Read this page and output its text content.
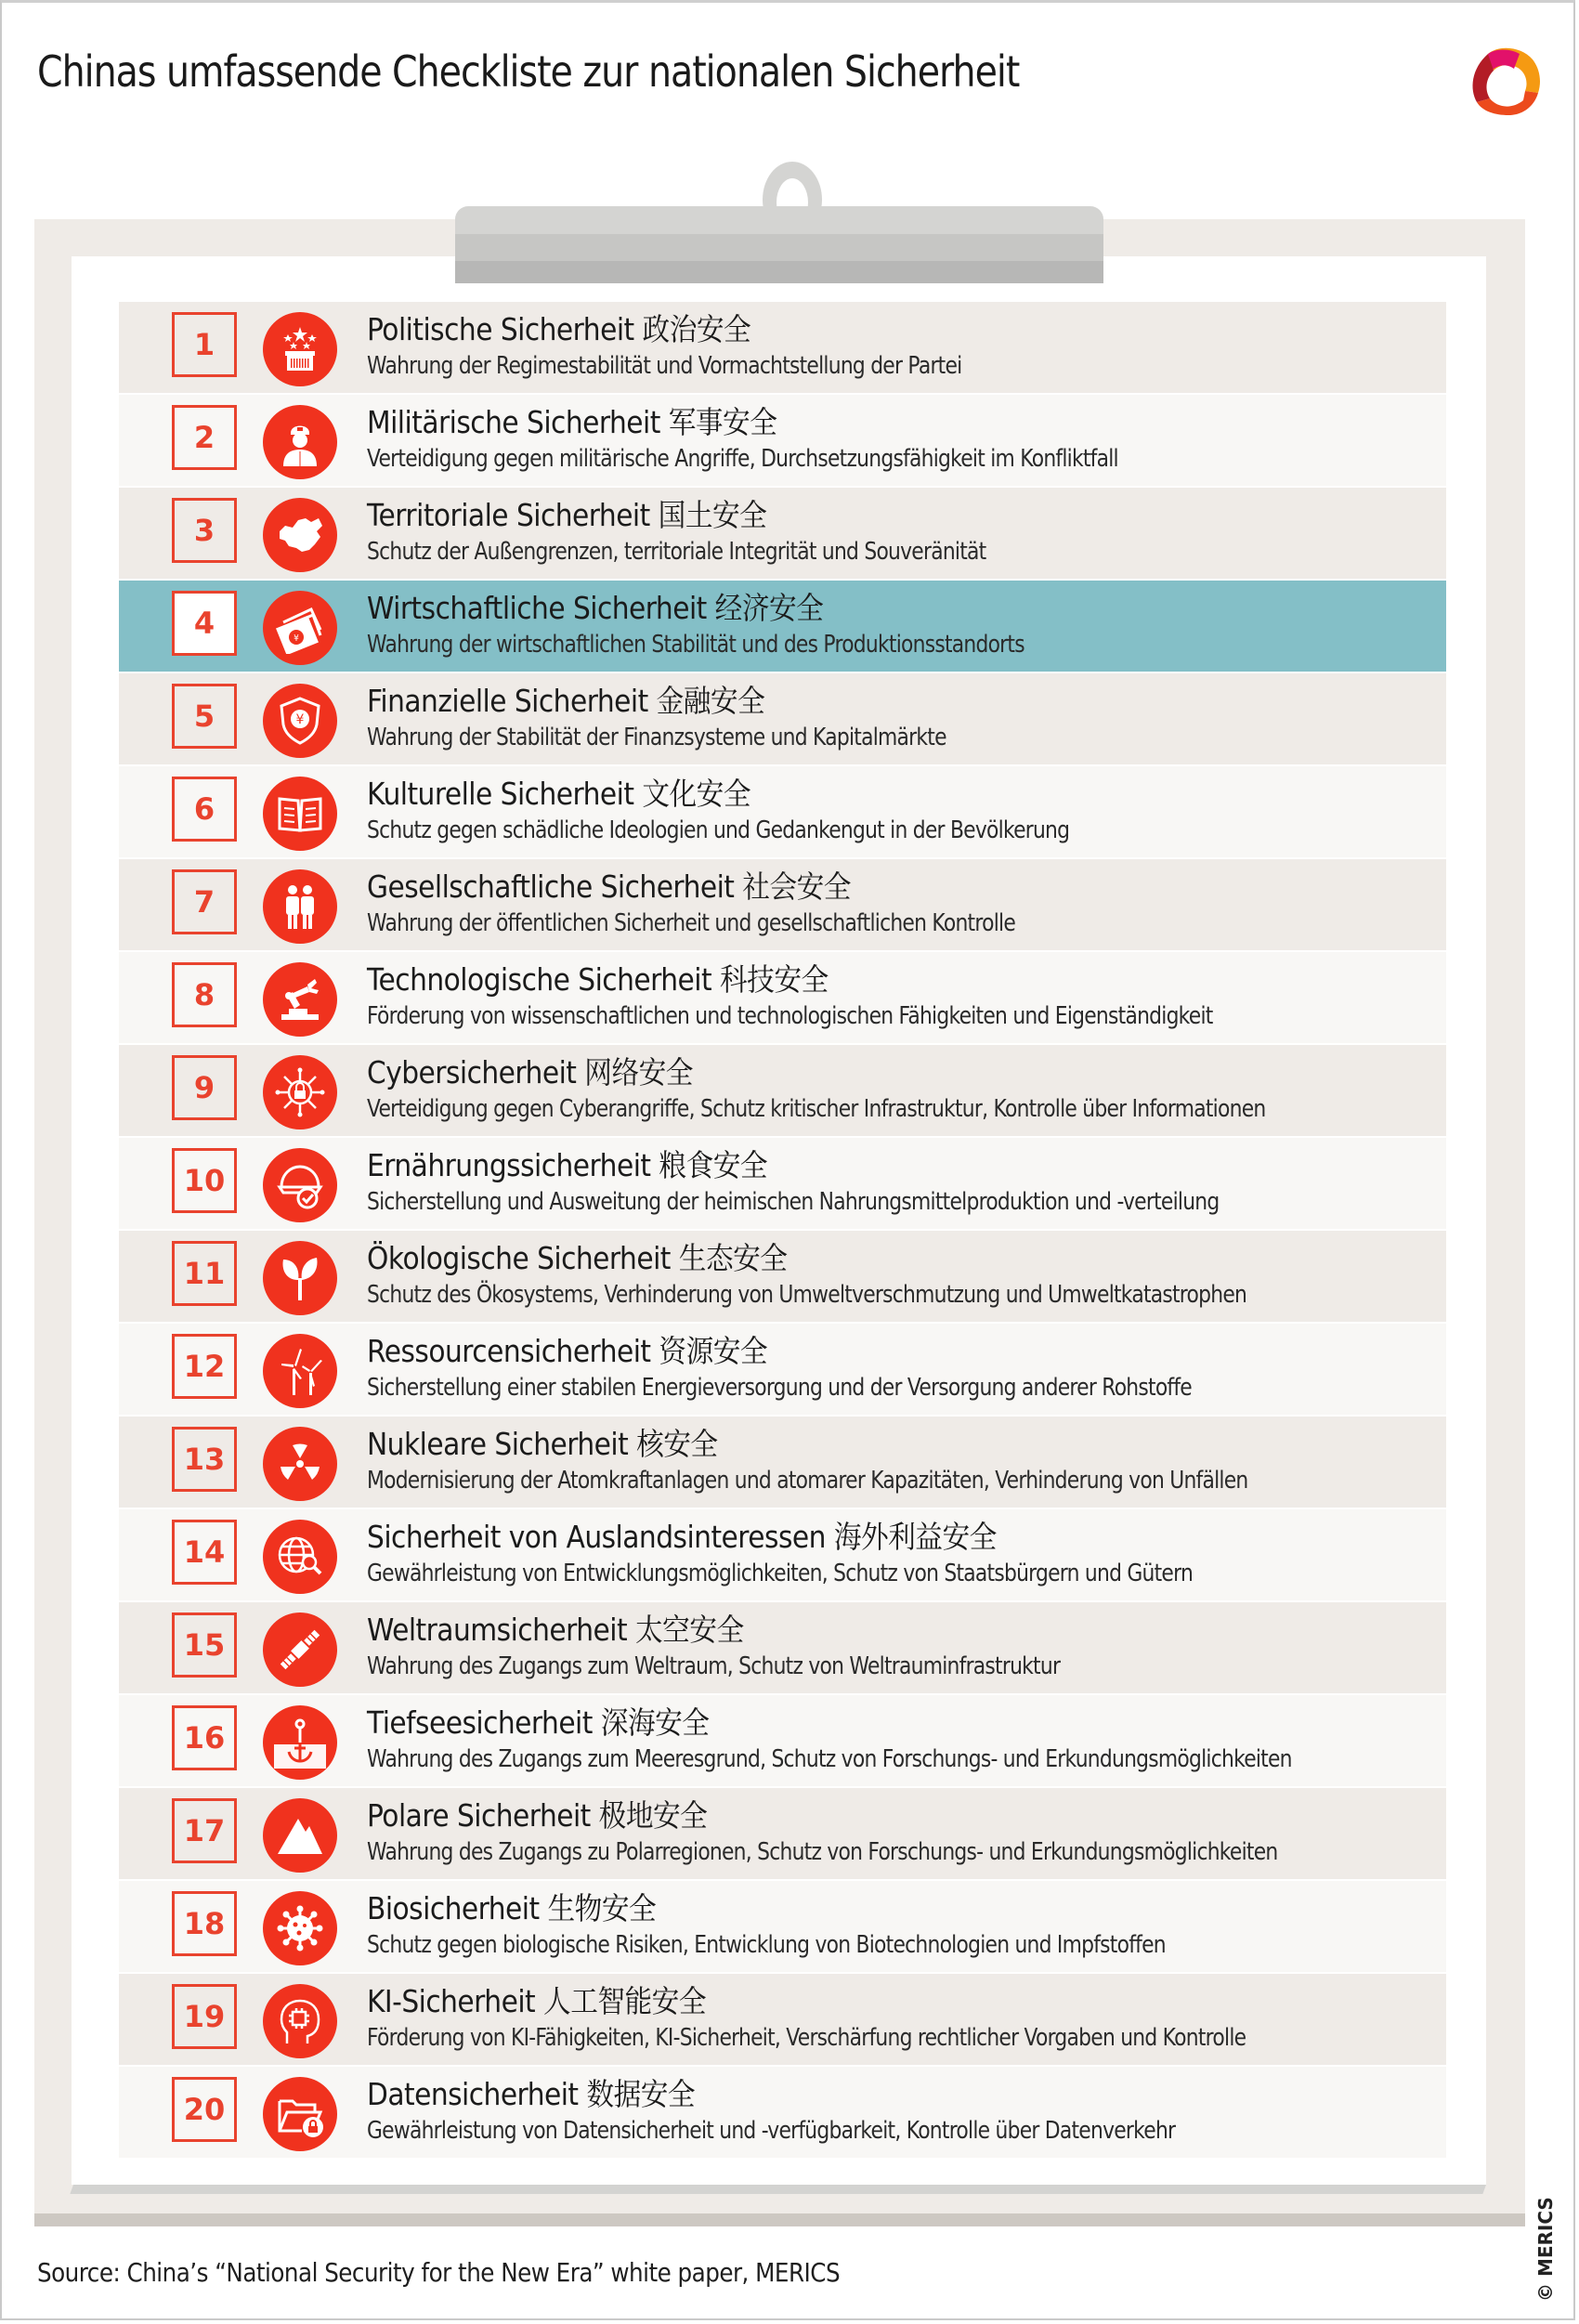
Chinas umfassende Checkliste zur nationalen Sicherheit
1	Politische Sicherheit 政治安全
Wahrung der Regimestabilität und Vormachtstellung der Partei
2	Militärische Sicherheit 军事安全
Verteidigung gegen militärische Angriffe, Durchsetzungsfähigkeit im Konfliktfall
3	Territoriale Sicherheit 国土安全
Schutz der Außengrenzen, territoriale Integrität und Souveränität
4	¥
Wirtschaftliche Sicherheit 经济安全
Wahrung der wirtschaftlichen Stabilität und des Produktionsstandorts
5	¥
Finanzielle Sicherheit 金融安全
Wahrung der Stabilität der Finanzsysteme und Kapitalmärkte
6	Kulturelle Sicherheit 文化安全
Schutz gegen schädliche Ideologien und Gedankengut in der Bevölkerung
7	Gesellschaftliche Sicherheit 社会安全
Wahrung der öffentlichen Sicherheit und gesellschaftlichen Kontrolle
8	Technologische Sicherheit 科技安全
Förderung von wissenschaftlichen und technologischen Fähigkeiten und Eigenständigkeit
9	Cybersicherheit 网络安全
Verteidigung gegen Cyberangriffe, Schutz kritischer Infrastruktur, Kontrolle über Informationen
10	Ernährungssicherheit 粮食安全
Sicherstellung und Ausweitung der heimischen Nahrungsmittelproduktion und -verteilung
11	Ökologische Sicherheit 生态安全
Schutz des Ökosystems, Verhinderung von Umweltverschmutzung und Umweltkatastrophen
12	Ressourcensicherheit 资源安全
Sicherstellung einer stabilen Energieversorgung und der Versorgung anderer Rohstoffe
13	Nukleare Sicherheit 核安全
Modernisierung der Atomkraftanlagen und atomarer Kapazitäten, Verhinderung von Unfällen
14	Sicherheit von Auslandsinteressen 海外利益安全
Gewährleistung von Entwicklungsmöglichkeiten, Schutz von Staatsbürgern und Gütern
15	Weltraumsicherheit 太空安全
Wahrung des Zugangs zum Weltraum, Schutz von Weltrauminfrastruktur
16	Tiefseesicherheit 深海安全
Wahrung des Zugangs zum Meeresgrund, Schutz von Forschungs- und Erkundungsmöglichkeiten
17	Polare Sicherheit 极地安全
Wahrung des Zugangs zu Polarregionen, Schutz von Forschungs- und Erkundungsmöglichkeiten
18	Biosicherheit 生物安全
Schutz gegen biologische Risiken, Entwicklung von Biotechnologien und Impfstoffen
19	KI-Sicherheit 人工智能安全
Förderung von KI-Fähigkeiten, KI-Sicherheit, Verschärfung rechtlicher Vorgaben und Kontrolle
20	Datensicherheit 数据安全
Gewährleistung von Datensicherheit und -verfügbarkeit, Kontrolle über Datenverkehr
Source: China’s “National Security for the New Era” white paper, MERICS	© MERICS
